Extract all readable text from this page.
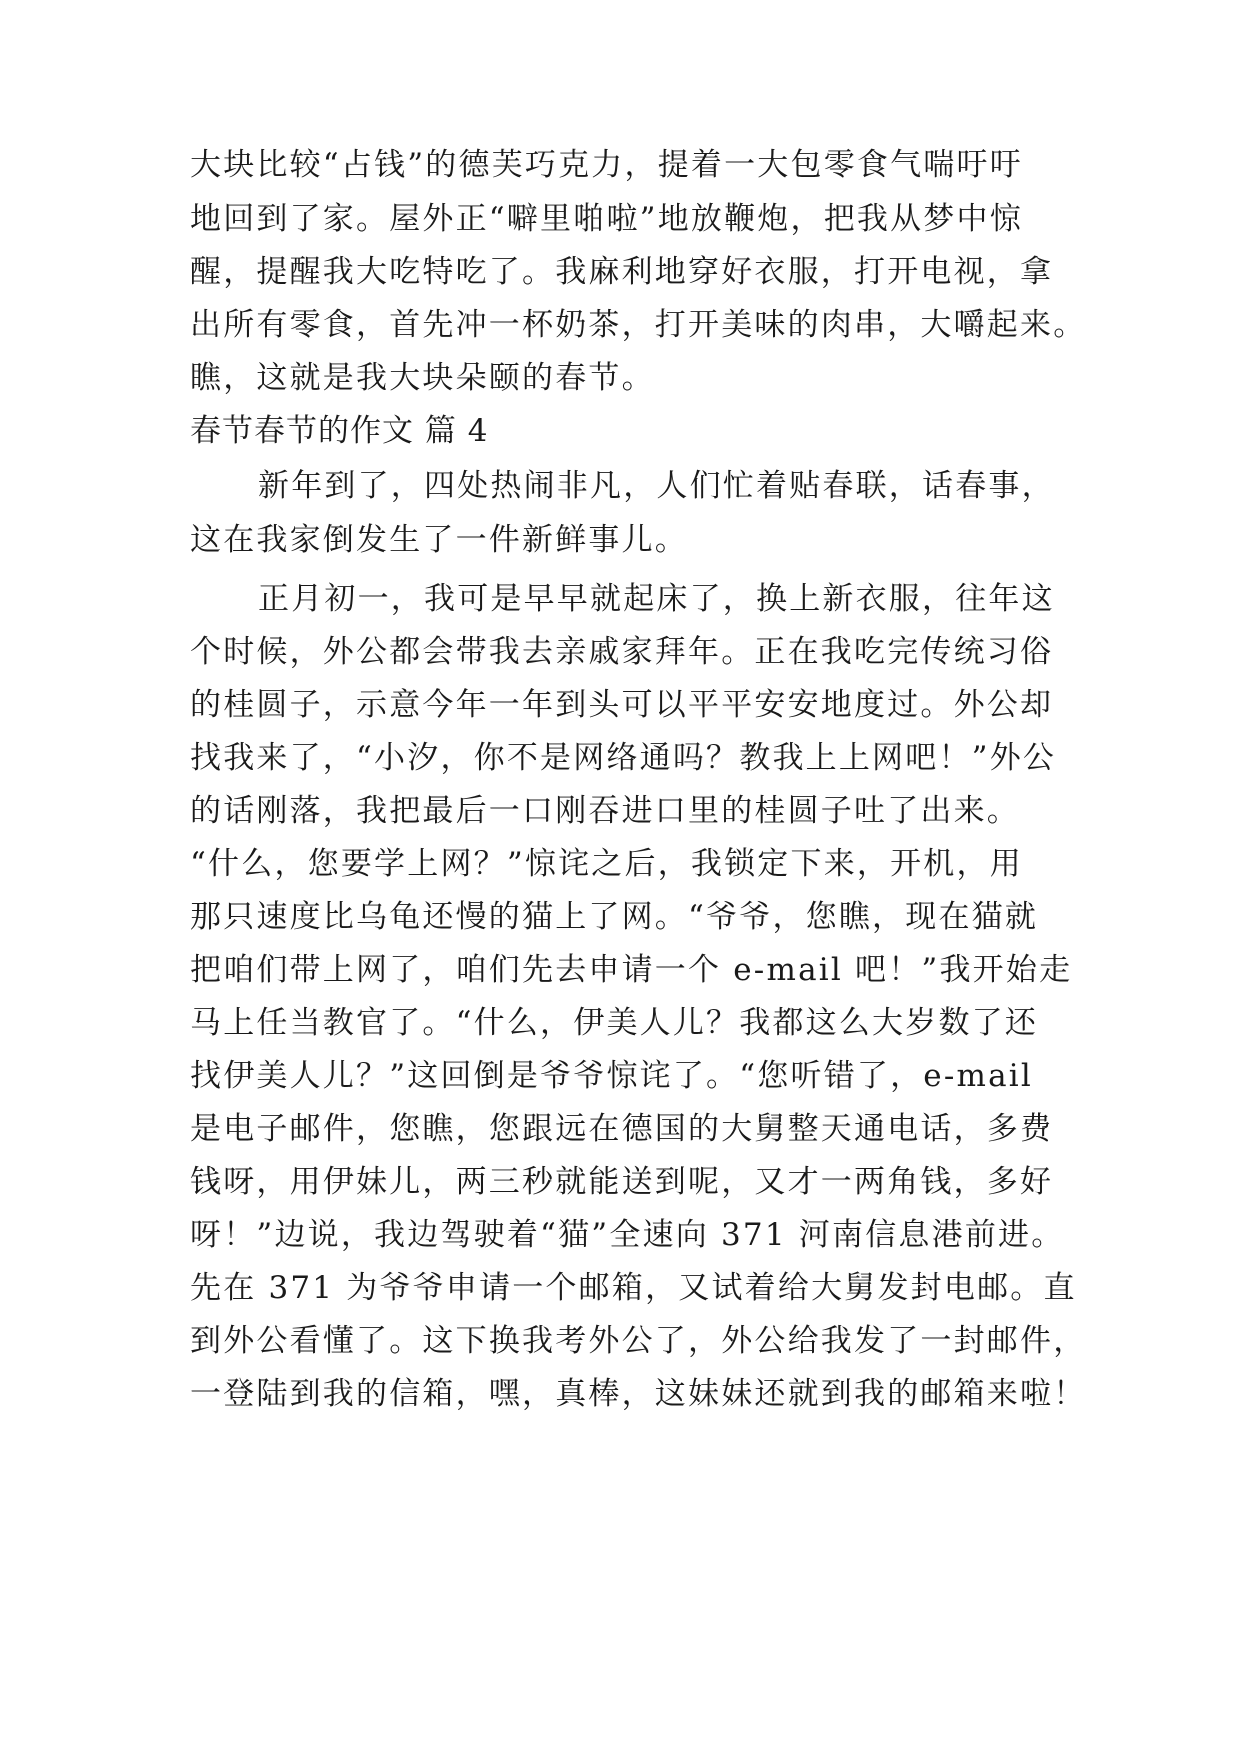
大块比较“占钱”的德芙巧克力，提着一大包零食气喘吁吁
地回到了家。屋外正“噼里啪啦”地放鞭炮，把我从梦中惊
醒，提醒我大吃特吃了。我麻利地穿好衣服，打开电视，拿
出所有零食，首先冲一杯奶茶，打开美味的肉串，大嚼起来。
瞧，这就是我大块朵颐的春节。
春节春节的作文 篇 4
新年到了，四处热闹非凡，人们忙着贴春联，话春事，
这在我家倒发生了一件新鲜事儿。
正月初一，我可是早早就起床了，换上新衣服，往年这
个时候，外公都会带我去亲戚家拜年。正在我吃完传统习俗
的桂圆子，示意今年一年到头可以平平安安地度过。外公却
找我来了，“小汐，你不是网络通吗？教我上上网吧！”外公
的话刚落，我把最后一口刚吞进口里的桂圆子吐了出来。
“什么，您要学上网？”惊诧之后，我锁定下来，开机，用
那只速度比乌龟还慢的猫上了网。“爷爷，您瞧，现在猫就
把咱们带上网了，咱们先去申请一个 e-mail 吧！”我开始走
马上任当教官了。“什么，伊美人儿？我都这么大岁数了还
找伊美人儿？”这回倒是爷爷惊诧了。“您听错了，e-mail
是电子邮件，您瞧，您跟远在德国的大舅整天通电话，多费
钱呀，用伊妹儿，两三秒就能送到呢，又才一两角钱，多好
呀！”边说，我边驾驶着“猫”全速向 371 河南信息港前进。
先在 371 为爷爷申请一个邮箱，又试着给大舅发封电邮。直
到外公看懂了。这下换我考外公了，外公给我发了一封邮件，
一登陆到我的信箱，嘿，真棒，这妹妹还就到我的邮箱来啦！
